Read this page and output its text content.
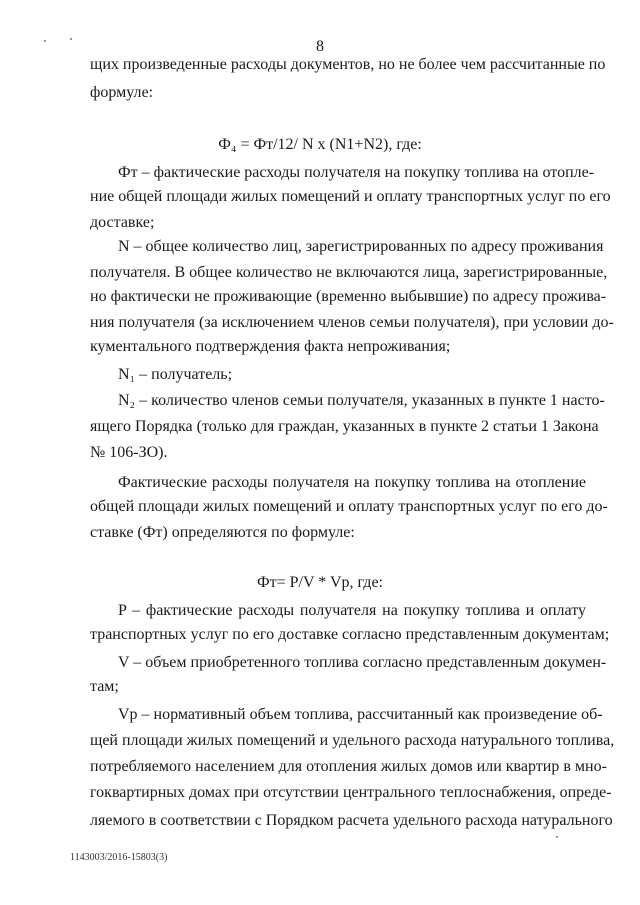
8
щих произведенные расходы документов, но не более чем рассчитанные по
формуле:
Ф₄ = Фт/12/ N x (N1+N2), где:
Фт – фактические расходы получателя на покупку топлива на отопле-
ние общей площади жилых помещений и оплату транспортных услуг по его
доставке;
N – общее количество лиц, зарегистрированных по адресу проживания
получателя. В общее количество не включаются лица, зарегистрированные,
но фактически не проживающие (временно выбывшие) по адресу прожива-
ния получателя (за исключением членов семьи получателя), при условии до-
кументального подтверждения факта непроживания;
N₁ – получатель;
N₂ – количество членов семьи получателя, указанных в пункте 1 насто-
ящего Порядка (только для граждан, указанных в пункте 2 статьи 1 Закона
№ 106-ЗО).
Фактические расходы получателя на покупку топлива на отопление
общей площади жилых помещений и оплату транспортных услуг по его до-
ставке (Фт) определяются по формуле:
Фт= P/V * Vр, где:
P – фактические расходы получателя на покупку топлива и оплату
транспортных услуг по его доставке согласно представленным документам;
V – объем приобретенного топлива согласно представленным докумен-
там;
Vр – нормативный объем топлива, рассчитанный как произведение об-
щей площади жилых помещений и удельного расхода натурального топлива,
потребляемого населением для отопления жилых домов или квартир в мно-
гоквартирных домах при отсутствии центрального теплоснабжения, опреде-
ляемого в соответствии с Порядком расчета удельного расхода натурального
1143003/2016-15803(3)
